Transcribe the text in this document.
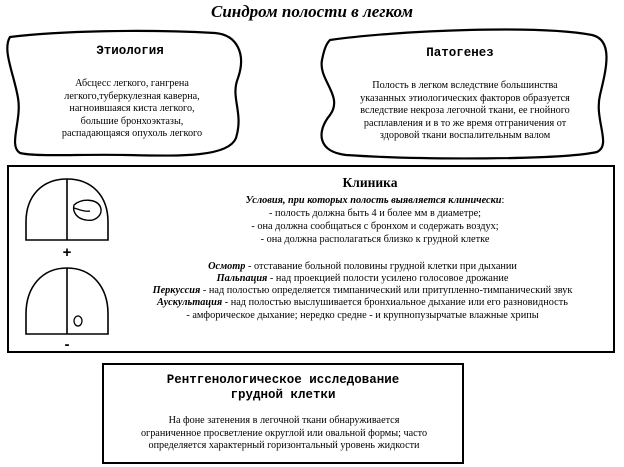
Синдром полости в легком
Этиология
Абсцесс легкого, гангрена
легкого,туберкулезная каверна,
нагноившаяся киста легкого,
большие бронхоэктазы,
распадающаяся опухоль легкого
Патогенез
Полость в легком вследствие большинства
указанных этиологических факторов образуется
вследствие некроза легочной ткани, ее гнойного
расплавления и в то же время отграничения от
здоровой ткани воспалительным валом
+
-
Клиника
Условия, при которых полость выявляется клинически:
- полость должна быть 4 и более мм в диаметре;
- она должна сообщаться с бронхом и содержать воздух;
- она должна располагаться близко к грудной клетке
Осмотр - отставание больной половины грудной клетки при дыхании
Пальпация - над проекцией полости усилено голосовое дрожание
Перкуссия - над полостью определяется тимпанический или притупленно-тимпанический звук
Аускультация - над полостью выслушивается бронхиальное дыхание или его разновидность
- амфорическое дыхание; нередко средне - и крупнопузырчатые влажные хрипы
Рентгенологическое исследование
грудной клетки
На фоне затенения в легочной ткани обнаруживается
ограниченное просветление округлой или овальной формы; часто
определяется характерный горизонтальный уровень жидкости
